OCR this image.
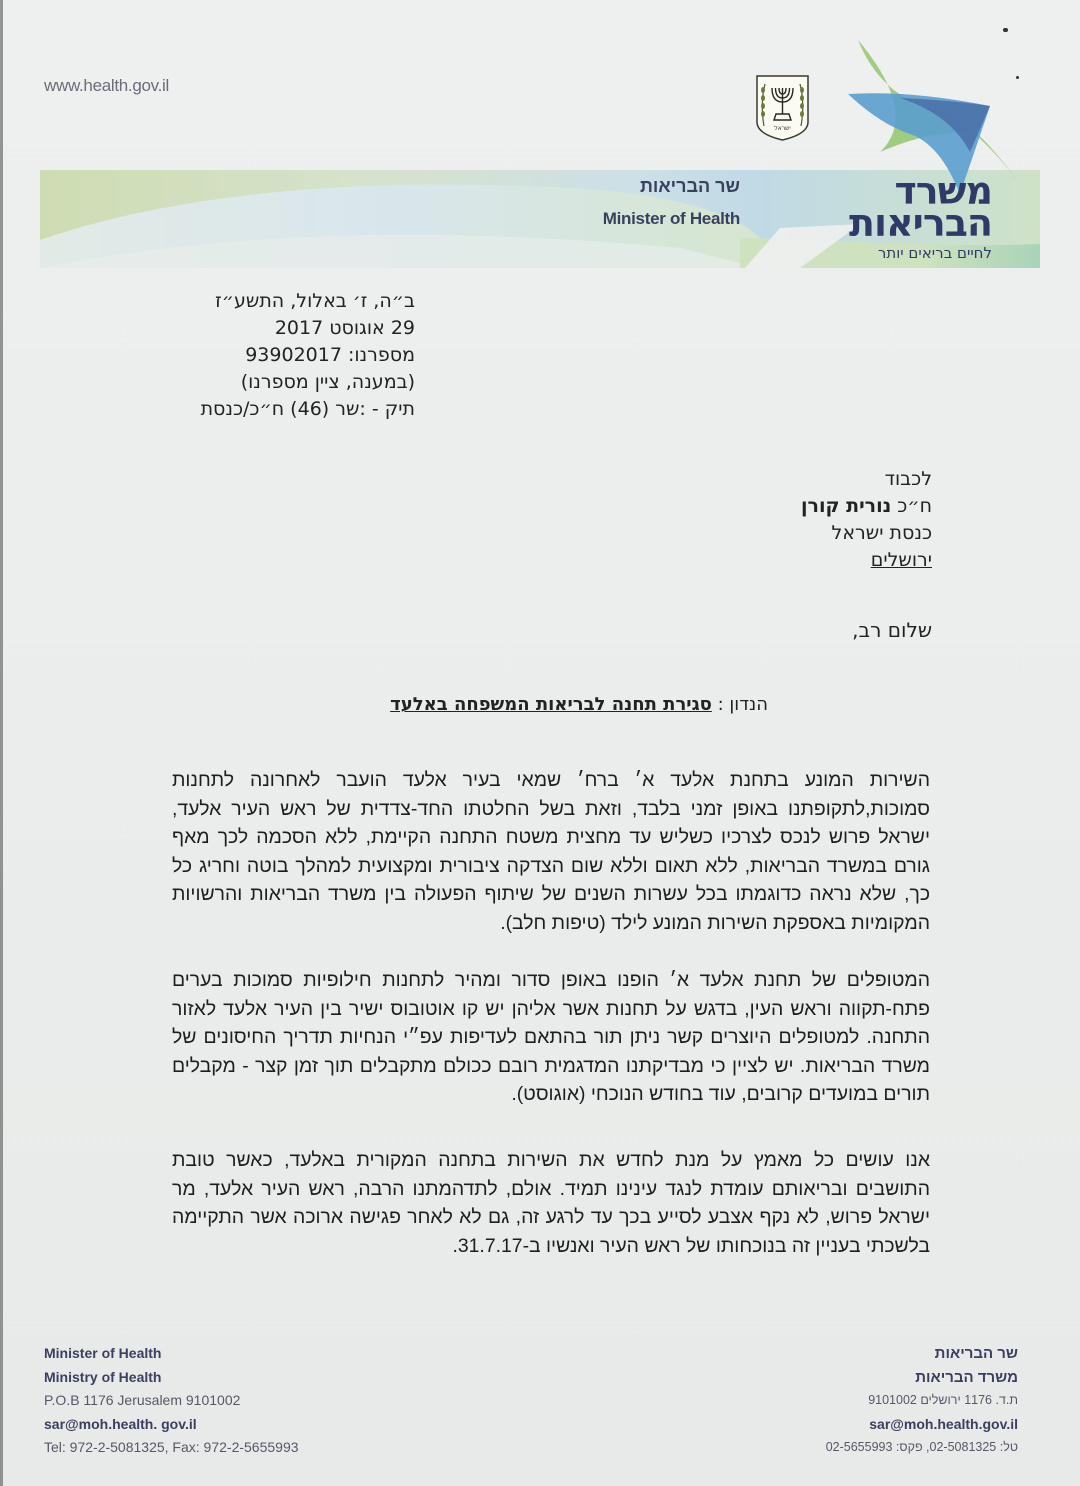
www.health.gov.il
ישראל
משרד
הבריאות
לחיים בריאים יותר
שר הבריאות
Minister of Health
ב״ה, ז׳ באלול, התשע״ז
29 אוגוסט 2017
מספרנו: 93902017
(במענה, ציין מספרנו)
תיק - :שר (46) ח״כ/כנסת
לכבוד
ח״כ נורית קורן
כנסת ישראל
ירושלים
שלום רב,
הנדון : סגירת תחנה לבריאות המשפחה באלעד
השירות המונע בתחנת אלעד א׳ ברח׳ שמאי בעיר אלעד הועבר לאחרונה לתחנות סמוכות,לתקופתנו באופן זמני בלבד, וזאת בשל החלטתו החד-צדדית של ראש העיר אלעד, ישראל פרוש לנכס לצרכיו כשליש עד מחצית משטח התחנה הקיימת, ללא הסכמה לכך מאף גורם במשרד הבריאות, ללא תאום וללא שום הצדקה ציבורית ומקצועית למהלך בוטה וחריג כל כך, שלא נראה כדוגמתו בכל עשרות השנים של שיתוף הפעולה בין משרד הבריאות והרשויות המקומיות באספקת השירות המונע לילד (טיפות חלב).
המטופלים של תחנת אלעד א׳ הופנו באופן סדור ומהיר לתחנות חילופיות סמוכות בערים פתח-תקווה וראש העין, בדגש על תחנות אשר אליהן יש קו אוטובוס ישיר בין העיר אלעד לאזור התחנה. למטופלים היוצרים קשר ניתן תור בהתאם לעדיפות עפ״י הנחיות תדריך החיסונים של משרד הבריאות. יש לציין כי מבדיקתנו המדגמית רובם ככולם מתקבלים תוך זמן קצר - מקבלים תורים במועדים קרובים, עוד בחודש הנוכחי (אוגוסט).
אנו עושים כל מאמץ על מנת לחדש את השירות בתחנה המקורית באלעד, כאשר טובת התושבים ובריאותם עומדת לנגד עינינו תמיד. אולם, לתדהמתנו הרבה, ראש העיר אלעד, מר ישראל פרוש, לא נקף אצבע לסייע בכך עד לרגע זה, גם לא לאחר פגישה ארוכה אשר התקיימה בלשכתי בעניין זה בנוכחותו של ראש העיר ואנשיו ב-31.7.17.
Minister of Health
Ministry of Health
P.O.B 1176 Jerusalem 9101002
sar@moh.health. gov.il
Tel: 972-2-5081325, Fax: 972-2-5655993
שר הבריאות
משרד הבריאות
ת.ד. 1176 ירושלים 9101002
sar@moh.health.gov.il
טל: 02-5081325, פקס: 02-5655993
